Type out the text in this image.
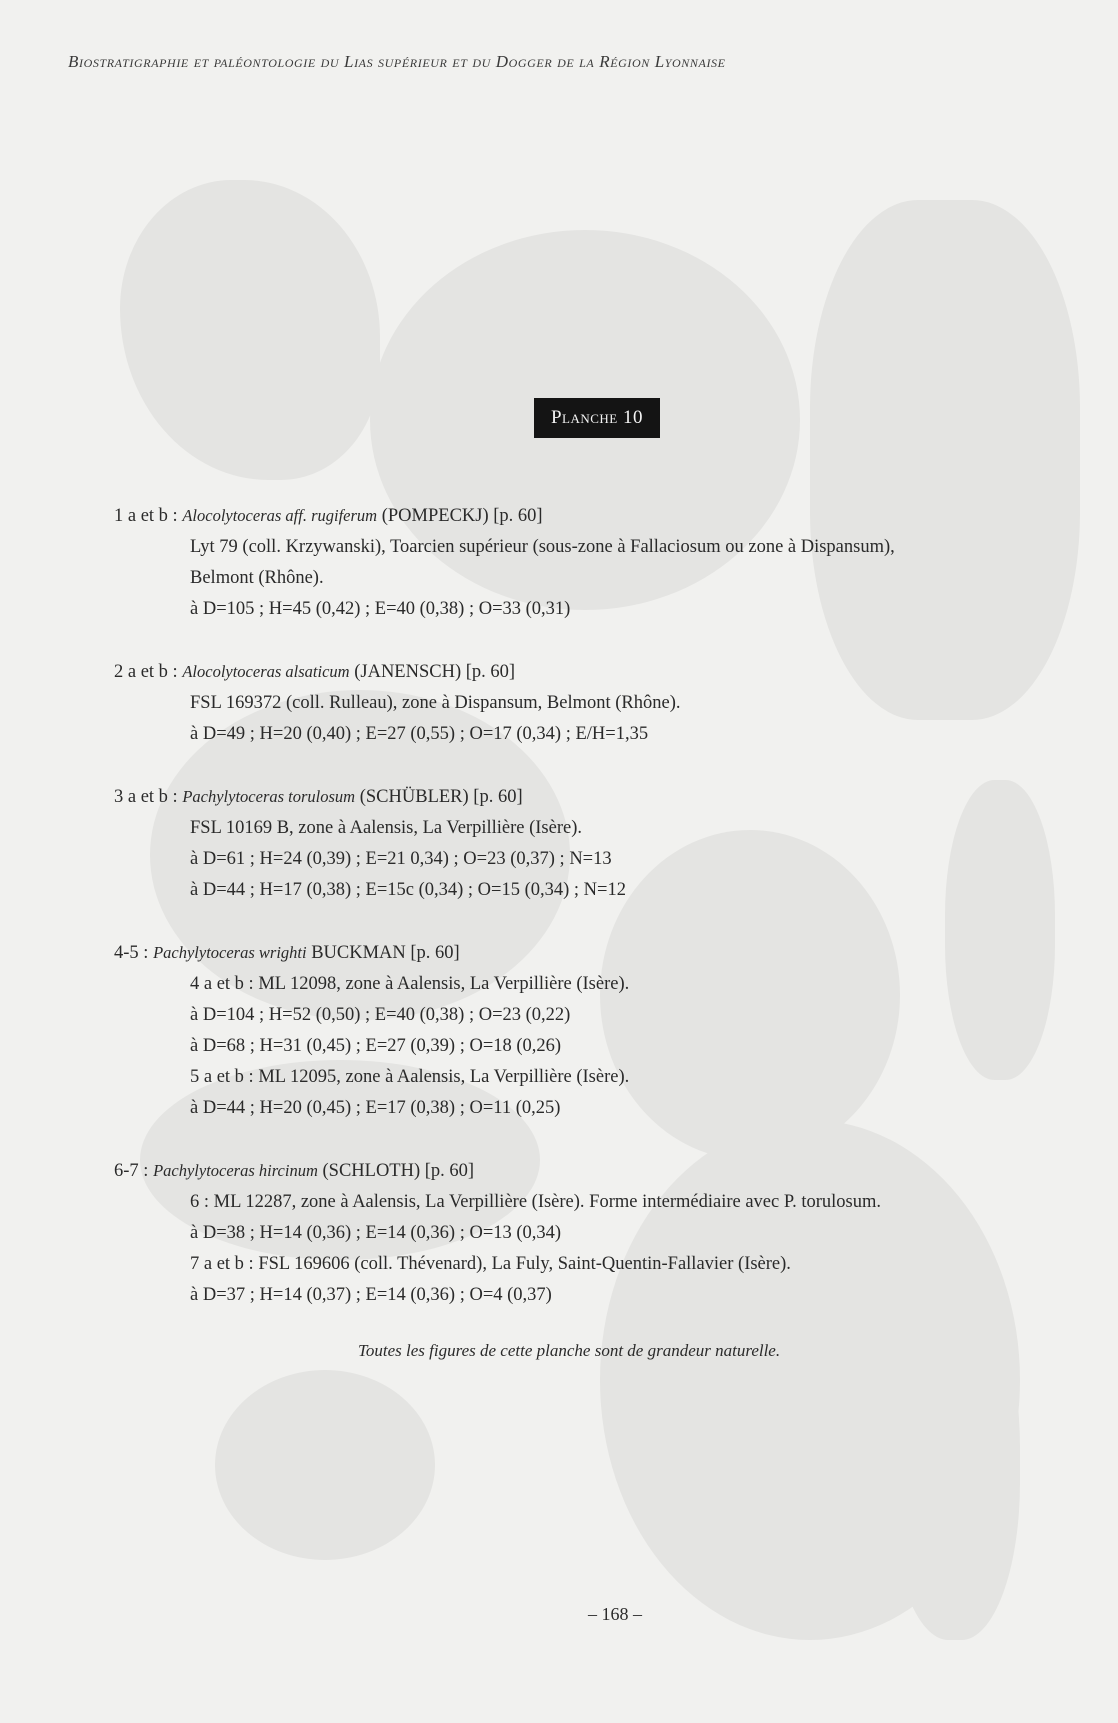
Biostratigraphie et paléontologie du Lias supérieur et du Dogger de la Région Lyonnaise
Planche 10
1 a et b : Alocolytoceras aff. rugiferum (POMPECKJ) [p. 60]
Lyt 79 (coll. Krzywanski), Toarcien supérieur (sous-zone à Fallaciosum ou zone à Dispansum),
Belmont (Rhône).
à D=105 ; H=45 (0,42) ; E=40 (0,38) ; O=33 (0,31)
2 a et b : Alocolytoceras alsaticum (JANENSCH) [p. 60]
FSL 169372 (coll. Rulleau), zone à Dispansum, Belmont (Rhône).
à D=49 ; H=20 (0,40) ; E=27 (0,55) ; O=17 (0,34) ; E/H=1,35
3 a et b : Pachylytoceras torulosum (SCHÜBLER) [p. 60]
FSL 10169 B, zone à Aalensis, La Verpillière (Isère).
à D=61 ; H=24 (0,39) ; E=21 0,34) ; O=23 (0,37) ; N=13
à D=44 ; H=17 (0,38) ; E=15c (0,34) ; O=15 (0,34) ; N=12
4-5 : Pachylytoceras wrighti BUCKMAN [p. 60]
4 a et b : ML 12098, zone à Aalensis, La Verpillière (Isère).
à D=104 ; H=52 (0,50) ; E=40 (0,38) ; O=23 (0,22)
à D=68 ; H=31 (0,45) ; E=27 (0,39) ; O=18 (0,26)
5 a et b : ML 12095, zone à Aalensis, La Verpillière (Isère).
à D=44 ; H=20 (0,45) ; E=17 (0,38) ; O=11 (0,25)
6-7 : Pachylytoceras hircinum (SCHLOTH) [p. 60]
6 : ML 12287, zone à Aalensis, La Verpillière (Isère). Forme intermédiaire avec P. torulosum.
à D=38 ; H=14 (0,36) ; E=14 (0,36) ; O=13 (0,34)
7 a et b : FSL 169606 (coll. Thévenard), La Fuly, Saint-Quentin-Fallavier (Isère).
à D=37 ; H=14 (0,37) ; E=14 (0,36) ; O=4 (0,37)
Toutes les figures de cette planche sont de grandeur naturelle.
– 168 –
